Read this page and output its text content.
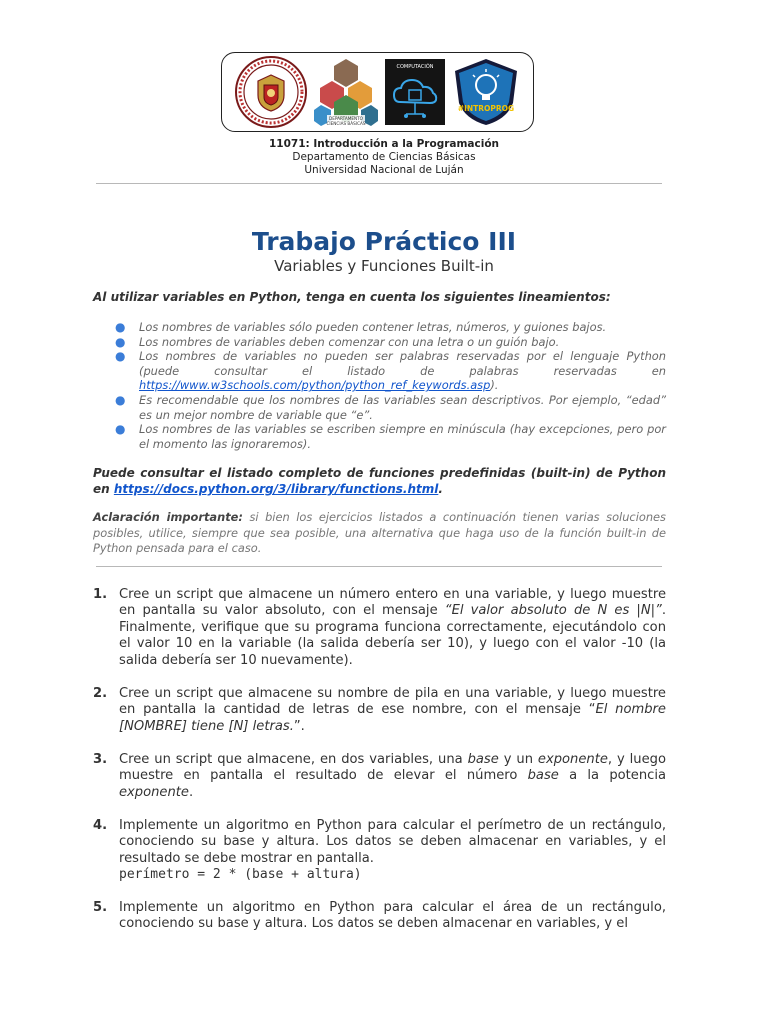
DEPARTAMENTO
CIENCIAS BÁSICAS
COMPUTACIÓN
#INTROPROG
11071: Introducción a la Programación
Departamento de Ciencias Básicas
Universidad Nacional de Luján
Trabajo Práctico III
Variables y Funciones Built-in
Al utilizar variables en Python, tenga en cuenta los siguientes lineamientos:
● Los nombres de variables sólo pueden contener letras, números, y guiones bajos.
● Los nombres de variables deben comenzar con una letra o un guión bajo.
● Los nombres de variables no pueden ser palabras reservadas por el lenguaje Python (puede consultar el listado de palabras reservadas en https://www.w3schools.com/python/python_ref_keywords.asp).
● Es recomendable que los nombres de las variables sean descriptivos. Por ejemplo, “edad” es un mejor nombre de variable que “e”.
● Los nombres de las variables se escriben siempre en minúscula (hay excepciones, pero por el momento las ignoraremos).
Puede consultar el listado completo de funciones predefinidas (built-in) de Python en https://docs.python.org/3/library/functions.html.
Aclaración importante: si bien los ejercicios listados a continuación tienen varias soluciones posibles, utilice, siempre que sea posible, una alternativa que haga uso de la función built-in de Python pensada para el caso.
1. Cree un script que almacene un número entero en una variable, y luego muestre en pantalla su valor absoluto, con el mensaje “El valor absoluto de N es |N|”. Finalmente, verifique que su programa funciona correctamente, ejecutándolo con el valor 10 en la variable (la salida debería ser 10), y luego con el valor -10 (la salida debería ser 10 nuevamente).
2. Cree un script que almacene su nombre de pila en una variable, y luego muestre en pantalla la cantidad de letras de ese nombre, con el mensaje “El nombre [NOMBRE] tiene [N] letras.”.
3. Cree un script que almacene, en dos variables, una base y un exponente, y luego muestre en pantalla el resultado de elevar el número base a la potencia exponente.
4. Implemente un algoritmo en Python para calcular el perímetro de un rectángulo, conociendo su base y altura. Los datos se deben almacenar en variables, y el resultado se debe mostrar en pantalla.
perímetro = 2 * (base + altura)
5. Implemente un algoritmo en Python para calcular el área de un rectángulo, conociendo su base y altura. Los datos se deben almacenar en variables, y el
